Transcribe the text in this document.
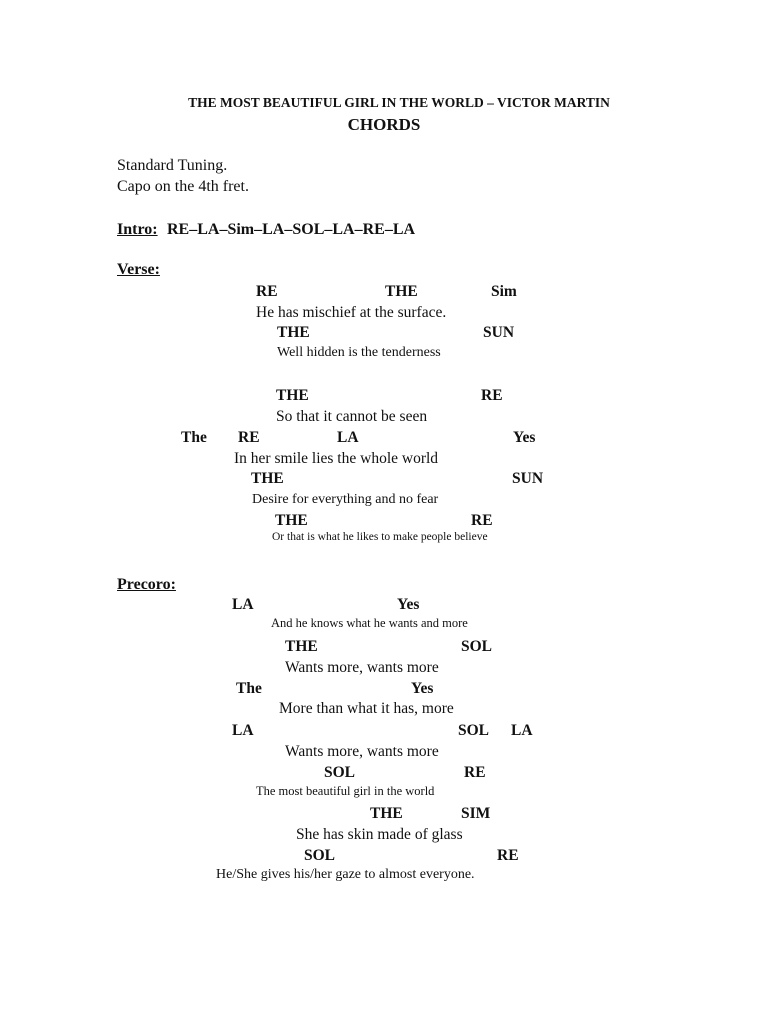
THE MOST BEAUTIFUL GIRL IN THE WORLD – VICTOR MARTIN
CHORDS
Standard Tuning.
Capo on the 4th fret.
Intro: RE–LA–Sim–LA–SOL–LA–RE–LA
Verse:
RE	THE	Sim
He has mischief at the surface.
THE	SUN
Well hidden is the tenderness
THE	RE
So that it cannot be seen
The RE	LA	Yes
In her smile lies the whole world
THE	SUN
Desire for everything and no fear
THE	RE
Or that is what he likes to make people believe
Precoro:
LA	Yes
And he knows what he wants and more
THE	SOL
Wants more, wants more
The	Yes
More than what it has, more
LA	SOL LA
Wants more, wants more
SOL	RE
The most beautiful girl in the world
THE	SIM
She has skin made of glass
SOL	RE
He/She gives his/her gaze to almost everyone.
